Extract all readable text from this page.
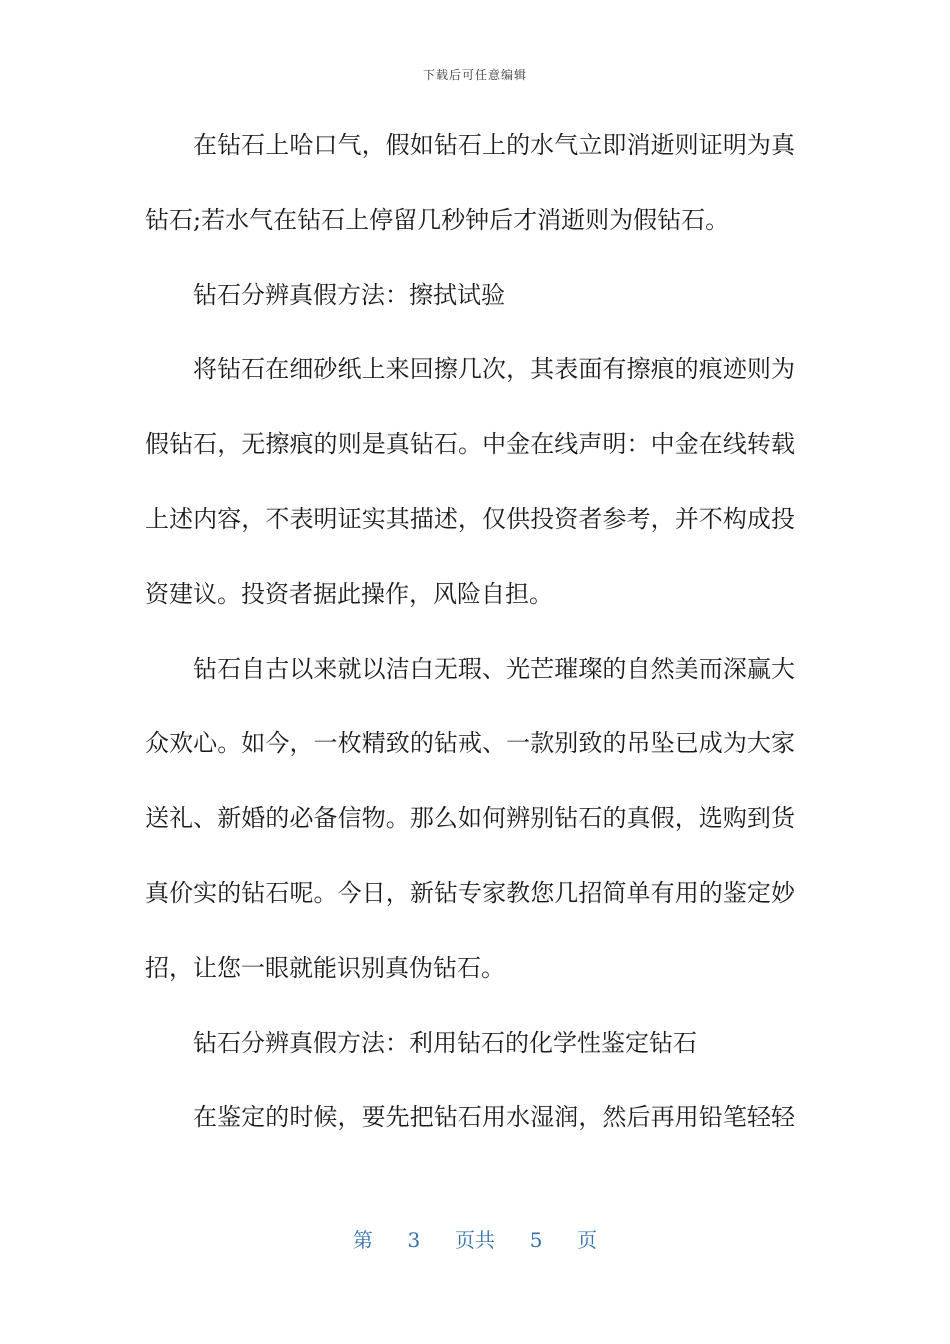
下载后可任意编辑
在钻石上哈口气，假如钻石上的水气立即消逝则证明为真
钻石;若水气在钻石上停留几秒钟后才消逝则为假钻石。
钻石分辨真假方法：擦拭试验
将钻石在细砂纸上来回擦几次，其表面有擦痕的痕迹则为
假钻石，无擦痕的则是真钻石。中金在线声明：中金在线转载
上述内容，不表明证实其描述，仅供投资者参考，并不构成投
资建议。投资者据此操作，风险自担。
钻石自古以来就以洁白无瑕、光芒璀璨的自然美而深赢大
众欢心。如今，一枚精致的钻戒、一款别致的吊坠已成为大家
送礼、新婚的必备信物。那么如何辨别钻石的真假，选购到货
真价实的钻石呢。今日，新钻专家教您几招简单有用的鉴定妙
招，让您一眼就能识别真伪钻石。
钻石分辨真假方法：利用钻石的化学性鉴定钻石
在鉴定的时候，要先把钻石用水湿润，然后再用铅笔轻轻
第 3 页共 5 页
